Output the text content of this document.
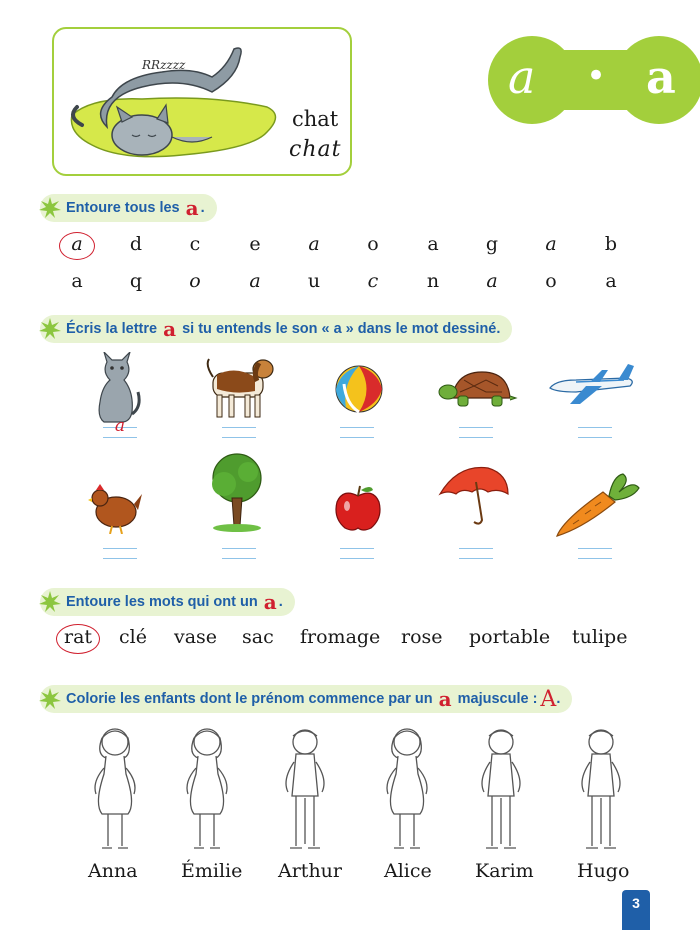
RRzzzz
chat
chat
a • a
Entoure tous les
a .
a	d	c	e	a	o	a	g	a	b
a	q	o	a	u	c	n	a	o	a
Écris la lettre
a
si tu entends le son « a » dans le mot dessiné.
a
Entoure les mots qui ont un
a .
rat clé vase sac fromage rose portable tulipe
Colorie les enfants dont le prénom commence par un
a
majuscule : A .
Anna Émilie Arthur Alice Karim Hugo
3
